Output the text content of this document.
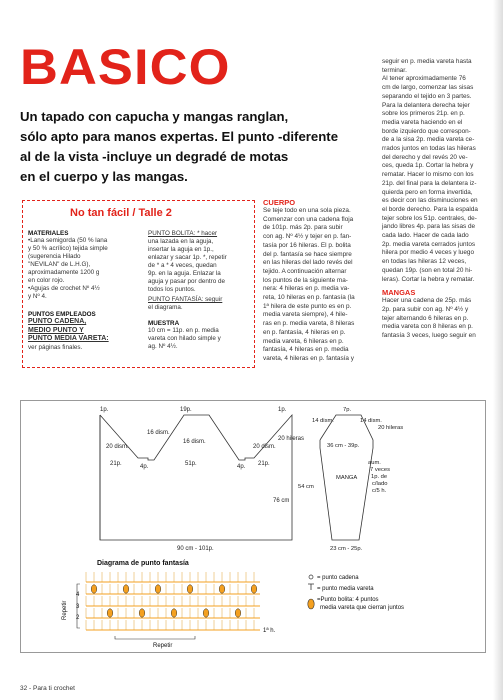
BASICO
Un tapado con capucha y mangas ranglan,
sólo apto para manos expertas. El punto -diferente
al de la vista -incluye un degradé de motas
en el cuerpo y las mangas.
No tan fácil / Talle 2
MATERIALES
•Lana semigorda (50 % lana
y 50 % acrílico) tejida simple
(sugerencia Hilado
"NEVILAN" de L.H.G),
aproximadamente 1200 g
en color rojo.
•Agujas de crochet Nº 4½
y Nº 4.
PUNTOS EMPLEADOS
PUNTO CADENA,
MEDIO PUNTO Y
PUNTO MEDIA VARETA:
ver páginas finales.
PUNTO BOLITA: * hacer
una lazada en la aguja,
insertar la aguja en 1p.,
enlazar y sacar 1p. *, repetir
de * a * 4 veces, quedan
9p. en la aguja. Enlazar la
aguja y pasar por dentro de
todos los puntos.
PUNTO FANTASÍA: seguir
el diagrama.
MUESTRA
10 cm = 11p. en p. media
vareta con hilado simple y
ag. Nº 4½.
CUERPO
Se teje todo en una sola pieza.
Comenzar con una cadena floja
de 101p. más 2p. para subir
con ag. Nº 4½ y tejer en p. fan-
tasía por 16 hileras. El p. bolita
del p. fantasía se hace siempre
en las hileras del lado revés del
tejido. A continuación alternar
los puntos de la siguiente ma-
nera: 4 hileras en p. media va-
reta, 10 hileras en p. fantasía (la
1ª hilera de este punto es en p.
media vareta siempre), 4 hile-
ras en p. media vareta, 8 hileras
en p. fantasía, 4 hileras en p.
media vareta, 6 hileras en p.
fantasía, 4 hileras en p. media
vareta, 4 hileras en p. fantasía y
seguir en p. media vareta hasta
terminar.
Al tener aproximadamente 76
cm de largo, comenzar las sisas
separando el tejido en 3 partes.
Para la delantera derecha tejer
sobre los primeros 21p. en p.
media vareta haciendo en el
borde izquierdo que correspon-
de a la sisa 2p. media vareta ce-
rrados juntos en todas las hileras
del derecho y del revés 20 ve-
ces, queda 1p. Cortar la hebra y
rematar. Hacer lo mismo con los
21p. del final para la delantera iz-
quierda pero en forma invertida,
es decir con las disminuciones en
el borde derecho. Para la espalda
tejer sobre los 51p. centrales, de-
jando libres 4p. para las sisas de
cada lado. Hacer de cada lado
2p. media vareta cerrados juntos
hilera por medio 4 veces y luego
en todas las hileras 12 veces,
quedan 19p. (son en total 20 hi-
leras). Cortar la hebra y rematar.
MANGAS
Hacer una cadena de 25p. más
2p. para subir con ag. Nº 4½ y
tejer alternando 6 hileras en p.
media vareta con 8 hileras en p.
fantasía 3 veces, luego seguir en
1p.	19p.	1p.
20 dism.
16 dism.
16 dism.
20 dism.
20 hileras
21p.	4p.	51p.	4p. 21p.
76 cm
90 cm - 101p.
14 dism.
7p.
14 dism.
20 hileras
36 cm - 39p.
MANGA
54 cm
aum.
7 veces
1p. de
c/lado
c/5 h.
23 cm - 25p.
Diagrama de punto fantasía
Repetir
Repetir
4
3
2
1ª h.
= punto cadena
= punto media vareta
=Punto bolita: 4 puntos
media vareta que cierran juntos
32 - Para ti crochet
